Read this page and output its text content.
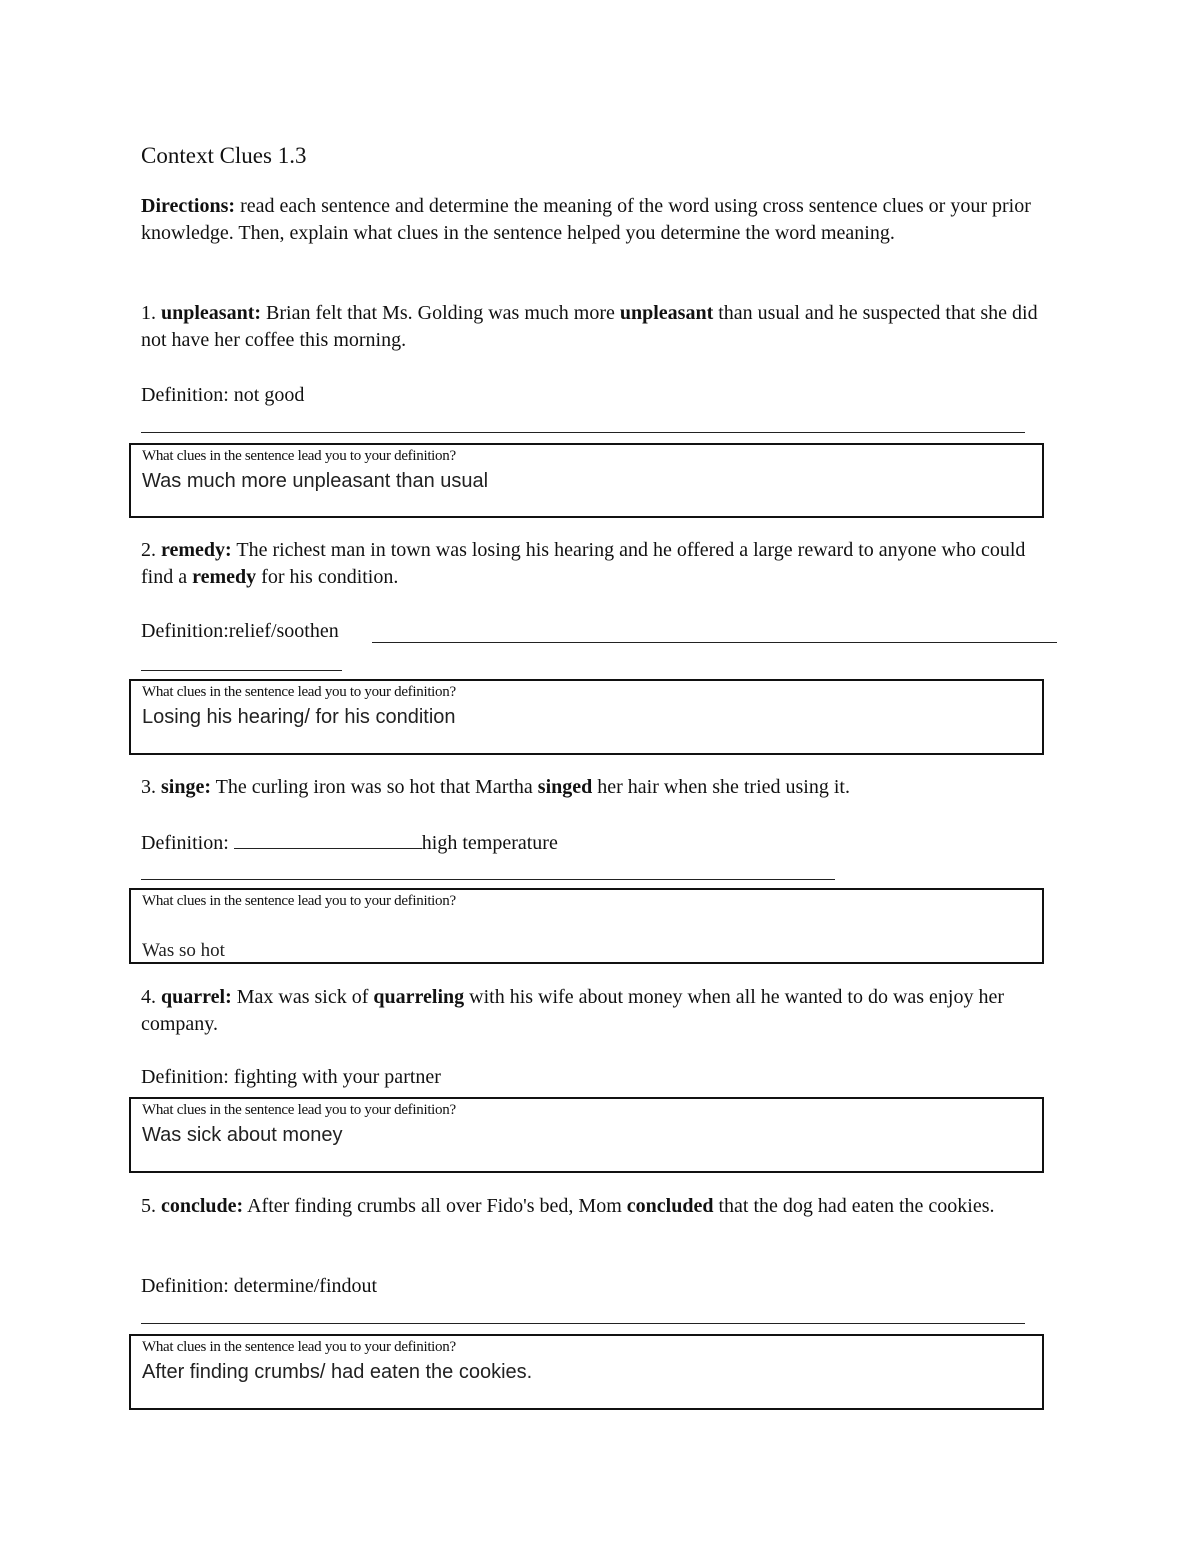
Context Clues 1.3

Directions: read each sentence and determine the meaning of the word using cross sentence clues or your prior knowledge. Then, explain what clues in the sentence helped you determine the word meaning.

1. unpleasant: Brian felt that Ms. Golding was much more unpleasant than usual and he suspected that she did not have her coffee this morning.

Definition: not good

What clues in the sentence lead you to your definition?
Was much more unpleasant than usual

2. remedy: The richest man in town was losing his hearing and he offered a large reward to anyone who could find a remedy for his condition.

Definition:relief/soothen

What clues in the sentence lead you to your definition?
Losing his hearing/ for his condition

3. singe: The curling iron was so hot that Martha singed her hair when she tried using it.

Definition:	high temperature

What clues in the sentence lead you to your definition?
Was so hot

4. quarrel: Max was sick of quarreling with his wife about money when all he wanted to do was enjoy her company.

Definition: fighting with your partner

What clues in the sentence lead you to your definition?
Was sick about money

5. conclude: After finding crumbs all over Fido's bed, Mom concluded that the dog had eaten the cookies.

Definition: determine/findout

What clues in the sentence lead you to your definition?
After finding crumbs/ had eaten the cookies.
